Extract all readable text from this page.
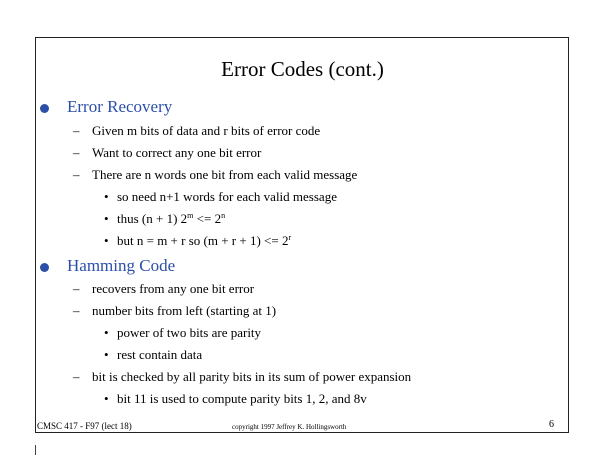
Error Codes (cont.)
Error Recovery
– Given m bits of data and r bits of error code
– Want to correct any one bit error
– There are n words one bit from each valid message
• so need n+1 words for each valid message
• thus (n + 1) $2^m <= 2^n$
• but n = m + r so $(m + r + 1) <= 2^r$
Hamming Code
– recovers from any one bit error
– number bits from left (starting at 1)
• power of two bits are parity
• rest contain data
– bit is checked by all parity bits in its sum of power expansion
• bit 11 is used to compute parity bits 1, 2, and 8v
CMSC 417 - F97 (lect 18)	copyright 1997 Jeffrey K. Hollingsworth	6
